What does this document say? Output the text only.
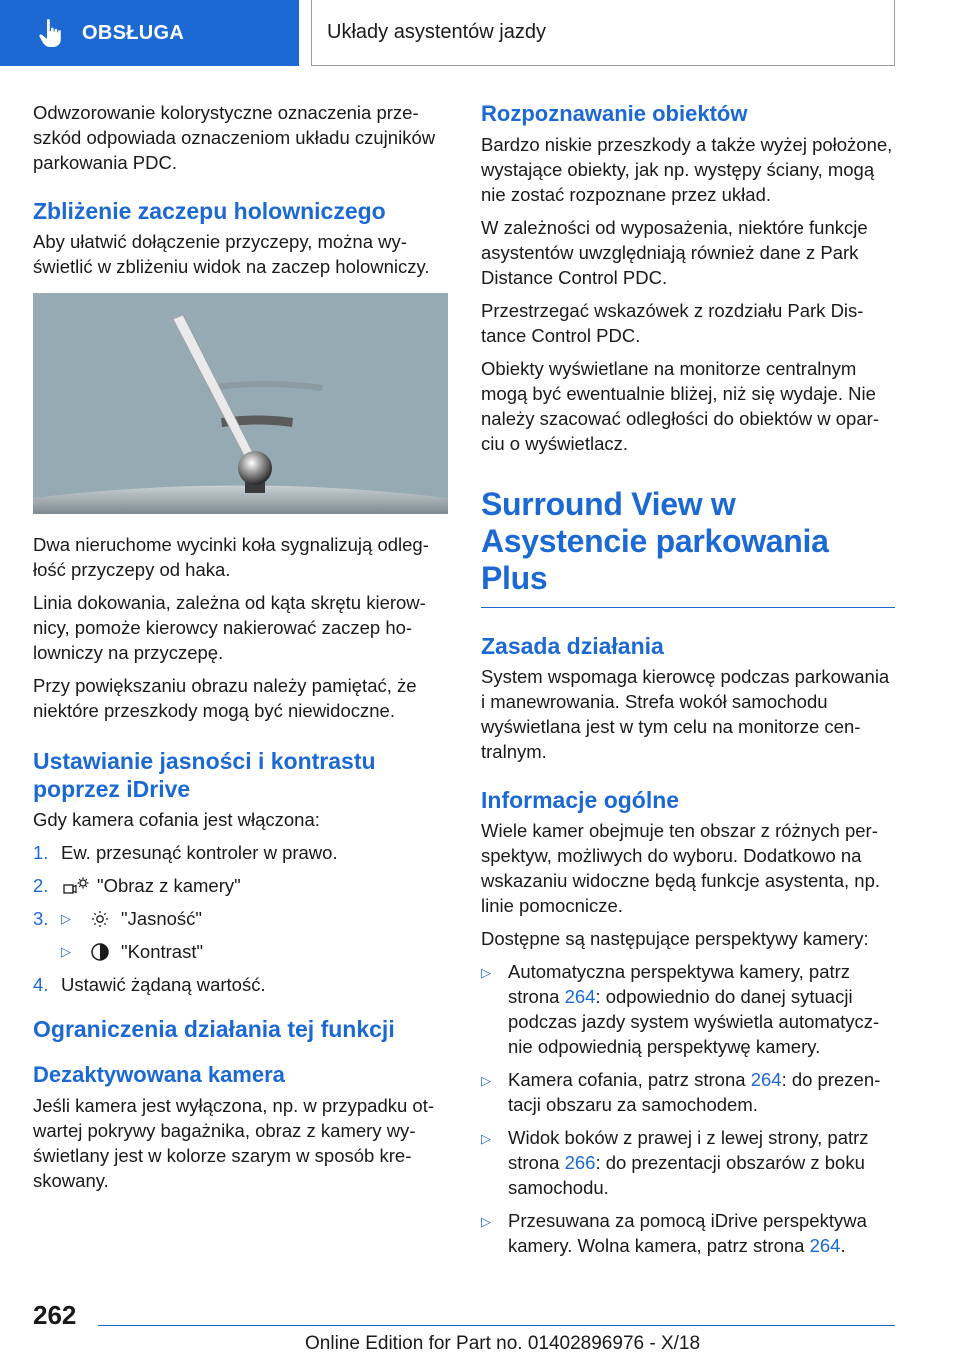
OBSŁUGA	Układy asystentów jazdy

Odwzorowanie kolorystyczne oznaczenia przeszkód odpowiada oznaczeniom układu czujników parkowania PDC.

Zbliżenie zaczepu holowniczego

Aby ułatwić dołączenie przyczepy, można wyświetlić w zbliżeniu widok na zaczep holowniczy.

Dwa nieruchome wycinki koła sygnalizują odległość przyczepy od haka.

Linia dokowania, zależna od kąta skrętu kierownicy, pomoże kierowcy nakierować zaczep holowniczy na przyczepę.

Przy powiększaniu obrazu należy pamiętać, że niektóre przeszkody mogą być niewidoczne.

Ustawianie jasności i kontrastu poprzez iDrive

Gdy kamera cofania jest włączona:

1. Ew. przesunąć kontroler w prawo.
2.	"Obraz z kamery"
3. ▷	"Jasność"
▷	"Kontrast"
4. Ustawić żądaną wartość.
Ograniczenia działania tej funkcji
Dezaktywowana kamera

Jeśli kamera jest wyłączona, np. w przypadku otwartej pokrywy bagażnika, obraz z kamery wyświetlany jest w kolorze szarym w sposób kreskowany.

Rozpoznawanie obiektów

Bardzo niskie przeszkody a także wyżej położone, wystające obiekty, jak np. występy ściany, mogą nie zostać rozpoznane przez układ.

W zależności od wyposażenia, niektóre funkcje asystentów uwzględniają również dane z Park Distance Control PDC.

Przestrzegać wskazówek z rozdziału Park Distance Control PDC.

Obiekty wyświetlane na monitorze centralnym mogą być ewentualnie bliżej, niż się wydaje. Nie należy szacować odległości do obiektów w oparciu o wyświetlacz.

Surround View w Asystencie parkowania Plus
Zasada działania

System wspomaga kierowcę podczas parkowania i manewrowania. Strefa wokół samochodu wyświetlana jest w tym celu na monitorze centralnym.

Informacje ogólne

Wiele kamer obejmuje ten obszar z różnych perspektyw, możliwych do wyboru. Dodatkowo na wskazaniu widoczne będą funkcje asystenta, np. linie pomocnicze.

Dostępne są następujące perspektywy kamery:

▷ Automatyczna perspektywa kamery, patrz strona 264: odpowiednio do danej sytuacji podczas jazdy system wyświetla automatycznie odpowiednią perspektywę kamery.
▷ Kamera cofania, patrz strona 264: do prezentacji obszaru za samochodem.
▷ Widok boków z prawej i z lewej strony, patrz strona 266: do prezentacji obszarów z boku samochodu.
▷ Przesuwana za pomocą iDrive perspektywa kamery. Wolna kamera, patrz strona 264.
262
Online Edition for Part no. 01402896976 - X/18
